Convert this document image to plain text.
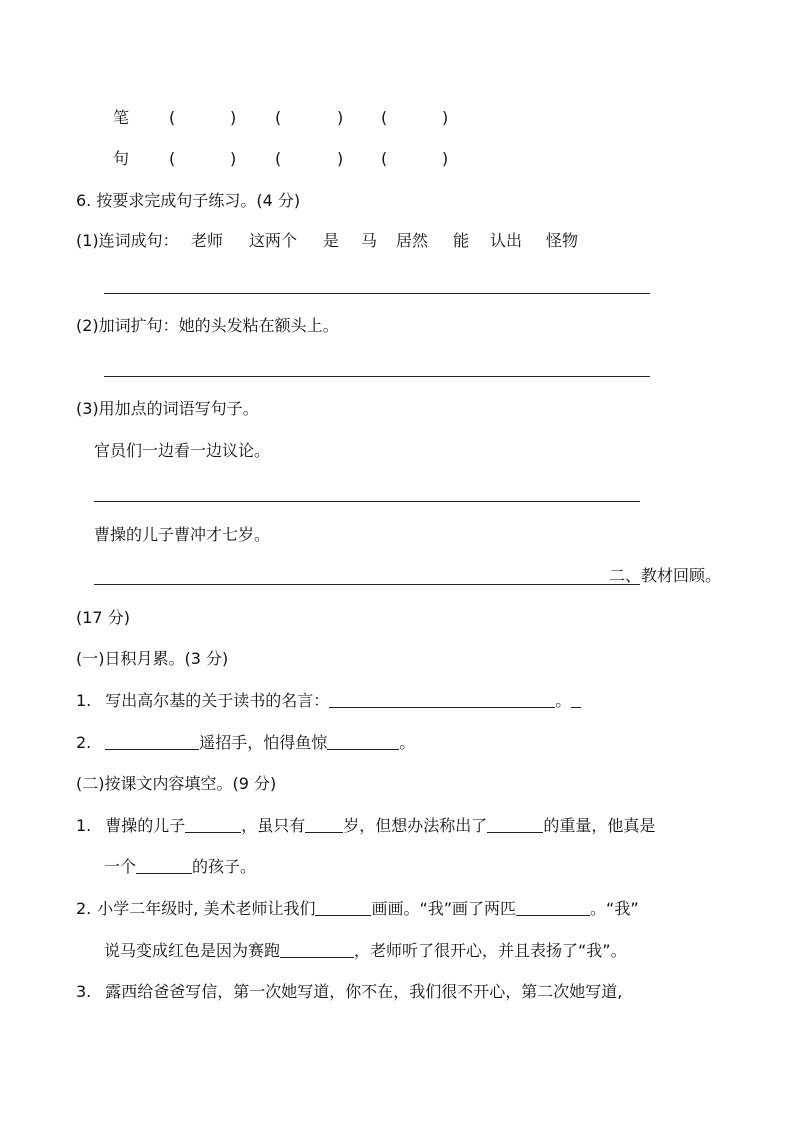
笔 (	) (	) (	)
句 (	) (	) (	)
6. 按要求完成句子练习。(4 分)
(1)连词成句： 老师 这两个 是 马 居然 能 认出 怪物
(2)加词扩句：她的头发粘在额头上。
(3)用加点的词语写句子。
官员们一边看一边议论。
曹操的儿子曹冲才七岁。
二、教材回顾。
(17 分)
(一)日积月累。(3 分)
1. 写出高尔基的关于读书的名言：	。
2.	遥招手，怕得鱼惊	。
(二)按课文内容填空。(9 分)
1. 曹操的儿子	，虽只有 岁，但想办法称出了	的重量，他真是
一个	的孩子。
2. 小学二年级时, 美术老师让我们	画画。“我”画了两匹	。“我”
说马变成红色是因为赛跑	，老师听了很开心，并且表扬了“我”。
3. 露西给爸爸写信，第一次她写道，你不在，我们很不开心，第二次她写道,
